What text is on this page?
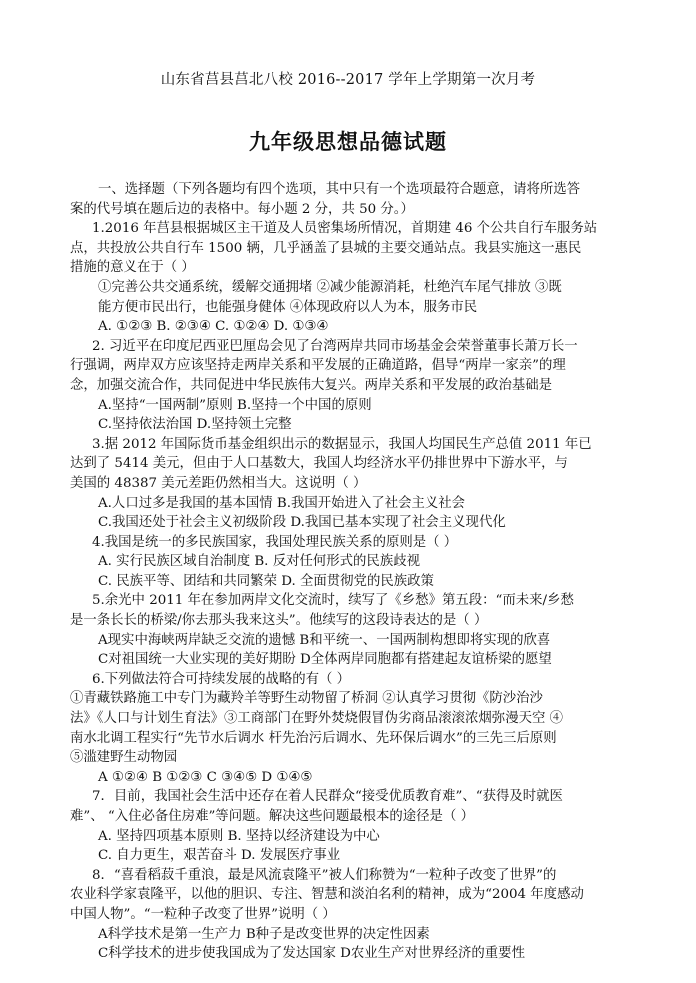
山东省莒县莒北八校 2016--2017 学年上学期第一次月考
九年级思想品德试题
一、选择题（下列各题均有四个选项，其中只有一个选项最符合题意，请将所选答
案的代号填在题后边的表格中。每小题 2 分，共 50 分。）
1.2016 年莒县根据城区主干道及人员密集场所情况，首期建 46 个公共自行车服务站
点，共投放公共自行车 1500 辆，几乎涵盖了县城的主要交通站点。我县实施这一惠民
措施的意义在于（ ）
①完善公共交通系统，缓解交通拥堵 ②减少能源消耗，杜绝汽车尾气排放 ③既
能方便市民出行，也能强身健体 ④体现政府以人为本，服务市民
A. ①②③ B. ②③④ C. ①②④ D. ①③④
2. 习近平在印度尼西亚巴厘岛会见了台湾两岸共同市场基金会荣誉董事长萧万长一
行强调，两岸双方应该坚持走两岸关系和平发展的正确道路，倡导“两岸一家亲”的理
念，加强交流合作，共同促进中华民族伟大复兴。两岸关系和平发展的政治基础是
A.坚持“一国两制”原则 B.坚持一个中国的原则
C.坚持依法治国 D.坚持领土完整
3.据 2012 年国际货币基金组织出示的数据显示，我国人均国民生产总值 2011 年已
达到了 5414 美元，但由于人口基数大，我国人均经济水平仍排世界中下游水平，与
美国的 48387 美元差距仍然相当大。这说明（ ）
A.人口过多是我国的基本国情 B.我国开始进入了社会主义社会
C.我国还处于社会主义初级阶段 D.我国已基本实现了社会主义现代化
4.我国是统一的多民族国家，我国处理民族关系的原则是（ ）
A. 实行民族区域自治制度 B. 反对任何形式的民族歧视
C. 民族平等、团结和共同繁荣 D. 全面贯彻党的民族政策
5.余光中 2011 年在参加两岸文化交流时，续写了《乡愁》第五段：“而未来/乡愁
是一条长长的桥梁/你去那头我来这头”。他续写的这段诗表达的是（ ）
A现实中海峡两岸缺乏交流的遗憾 B和平统一、一国两制构想即将实现的欣喜
C对祖国统一大业实现的美好期盼 D全体两岸同胞都有搭建起友谊桥梁的愿望
6.下列做法符合可持续发展的战略的有（ ）
①青藏铁路施工中专门为藏羚羊等野生动物留了桥洞 ②认真学习贯彻《防沙治沙
法》《人口与计划生育法》③工商部门在野外焚烧假冒伪劣商品滚滚浓烟弥漫天空 ④
南水北调工程实行“先节水后调水 杆先治污后调水、先环保后调水”的三先三后原则
⑤滥建野生动物园
A ①②④ B ①②③ C ③④⑤ D ①④⑤
7．目前，我国社会生活中还存在着人民群众“接受优质教育难”、“获得及时就医
难”、 “入住必备住房难”等问题。解决这些问题最根本的途径是（ ）
A. 坚持四项基本原则 B. 坚持以经济建设为中心
C. 自力更生，艰苦奋斗 D. 发展医疗事业
8．“喜看稻菽千重浪，最是风流袁隆平”被人们称赞为“一粒种子改变了世界”的
农业科学家袁隆平，以他的胆识、专注、智慧和淡泊名利的精神，成为“2004 年度感动
中国人物”。“一粒种子改变了世界”说明（ ）
A科学技术是第一生产力 B种子是改变世界的决定性因素
C科学技术的进步使我国成为了发达国家 D农业生产对世界经济的重要性
